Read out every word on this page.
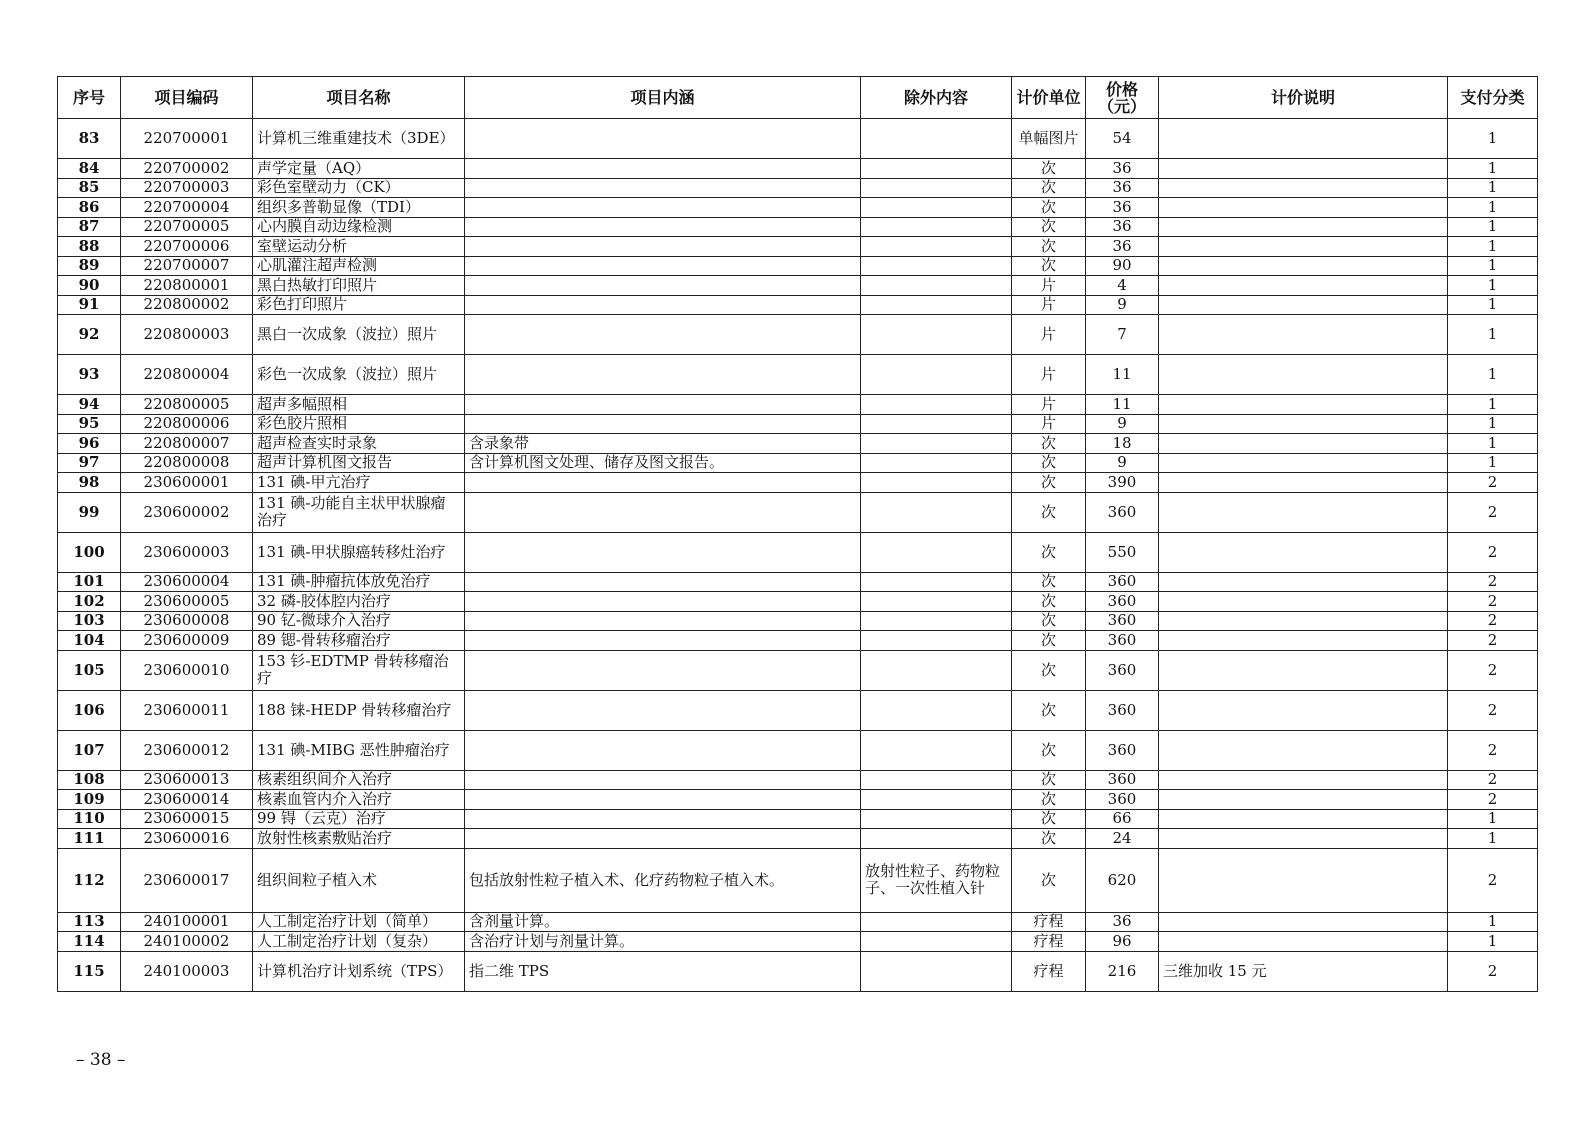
序号	项目编码	项目名称	项目内涵	除外内容	计价单位	价格（元）	计价说明	支付分类
83	220700001	计算机三维重建技术（3DE）			单幅图片	54		1
84	220700002	声学定量（AQ）			次	36		1
85	220700003	彩色室壁动力（CK）			次	36		1
86	220700004	组织多普勒显像（TDI）			次	36		1
87	220700005	心内膜自动边缘检测			次	36		1
88	220700006	室壁运动分析			次	36		1
89	220700007	心肌灌注超声检测			次	90		1
90	220800001	黑白热敏打印照片			片	4		1
91	220800002	彩色打印照片			片	9		1
92	220800003	黑白一次成象（波拉）照片			片	7		1
93	220800004	彩色一次成象（波拉）照片			片	11		1
94	220800005	超声多幅照相			片	11		1
95	220800006	彩色胶片照相			片	9		1
96	220800007	超声检查实时录象	含录象带		次	18		1
97	220800008	超声计算机图文报告	含计算机图文处理、储存及图文报告。		次	9		1
98	230600001	131 碘-甲亢治疗			次	390		2
99	230600002	131 碘-功能自主状甲状腺瘤治疗			次	360		2
100	230600003	131 碘-甲状腺癌转移灶治疗			次	550		2
101	230600004	131 碘-肿瘤抗体放免治疗			次	360		2
102	230600005	32 磷-胶体腔内治疗			次	360		2
103	230600008	90 钇-微球介入治疗			次	360		2
104	230600009	89 锶-骨转移瘤治疗			次	360		2
105	230600010	153 钐-EDTMP 骨转移瘤治疗			次	360		2
106	230600011	188 铼-HEDP 骨转移瘤治疗			次	360		2
107	230600012	131 碘-MIBG 恶性肿瘤治疗			次	360		2
108	230600013	核素组织间介入治疗			次	360		2
109	230600014	核素血管内介入治疗			次	360		2
110	230600015	99 锝（云克）治疗			次	66		1
111	230600016	放射性核素敷贴治疗			次	24		1
112	230600017	组织间粒子植入术	包括放射性粒子植入术、化疗药物粒子植入术。	放射性粒子、药物粒子、一次性植入针	次	620		2
113	240100001	人工制定治疗计划（简单）	含剂量计算。		疗程	36		1
114	240100002	人工制定治疗计划（复杂）	含治疗计划与剂量计算。		疗程	96		1
115	240100003	计算机治疗计划系统（TPS）	指二维 TPS		疗程	216	三维加收 15 元	2
– 38 –
